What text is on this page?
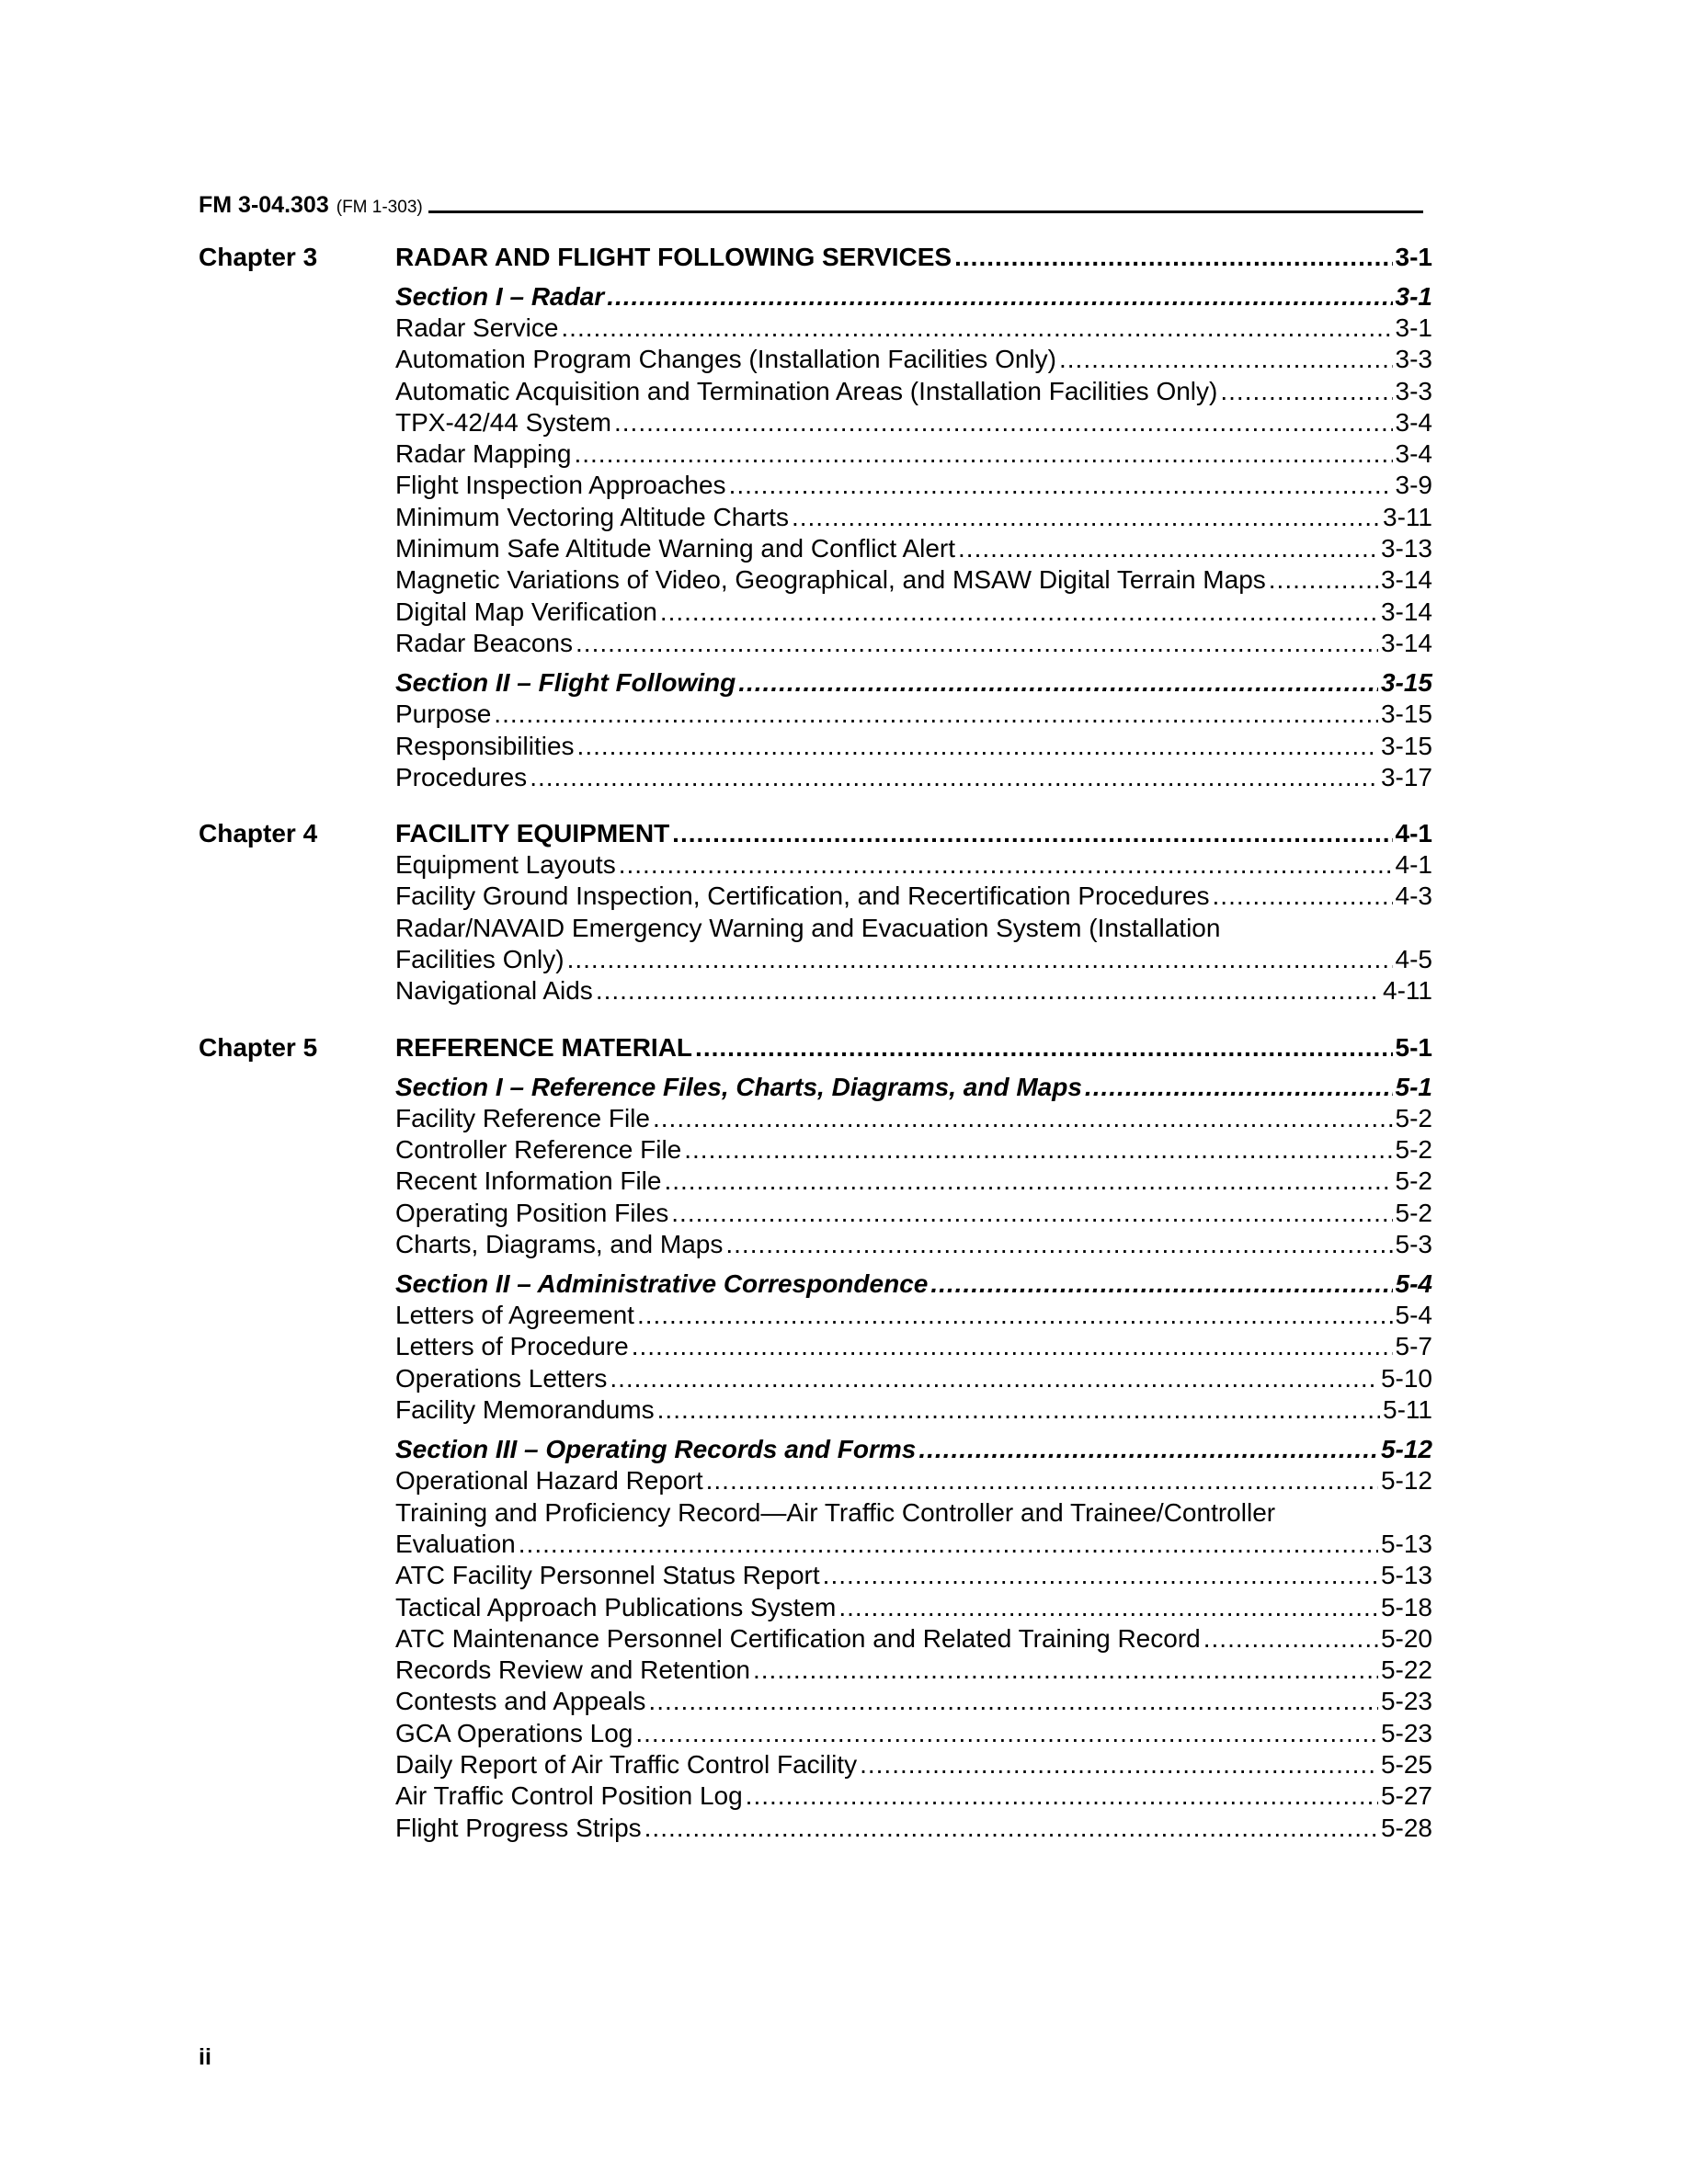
FM 3-04.303 (FM 1-303)
Chapter 3	RADAR AND FLIGHT FOLLOWING SERVICES .....	3-1
Section I – Radar .....	3-1
Radar Service .....	3-1
Automation Program Changes (Installation Facilities Only) .....	3-3
Automatic Acquisition and Termination Areas (Installation Facilities Only) .....	3-3
TPX-42/44 System .....	3-4
Radar Mapping .....	3-4
Flight Inspection Approaches .....	3-9
Minimum Vectoring Altitude Charts .....	3-11
Minimum Safe Altitude Warning and Conflict Alert .....	3-13
Magnetic Variations of Video, Geographical, and MSAW Digital Terrain Maps .....	3-14
Digital Map Verification .....	3-14
Radar Beacons .....	3-14
Section II – Flight Following .....	3-15
Purpose .....	3-15
Responsibilities .....	3-15
Procedures .....	3-17
Chapter 4	FACILITY EQUIPMENT .....	4-1
Equipment Layouts .....	4-1
Facility Ground Inspection, Certification, and Recertification Procedures .....	4-3
Radar/NAVAID Emergency Warning and Evacuation System (Installation
Facilities Only) .....	4-5
Navigational Aids .....	4-11
Chapter 5	REFERENCE MATERIAL .....	5-1
Section I – Reference Files, Charts, Diagrams, and Maps .....	5-1
Facility Reference File .....	5-2
Controller Reference File .....	5-2
Recent Information File .....	5-2
Operating Position Files .....	5-2
Charts, Diagrams, and Maps .....	5-3
Section II – Administrative Correspondence .....	5-4
Letters of Agreement .....	5-4
Letters of Procedure .....	5-7
Operations Letters .....	5-10
Facility Memorandums .....	5-11
Section III – Operating Records and Forms .....	5-12
Operational Hazard Report .....	5-12
Training and Proficiency Record—Air Traffic Controller and Trainee/Controller
Evaluation .....	5-13
ATC Facility Personnel Status Report .....	5-13
Tactical Approach Publications System .....	5-18
ATC Maintenance Personnel Certification and Related Training Record .....	5-20
Records Review and Retention .....	5-22
Contests and Appeals .....	5-23
GCA Operations Log .....	5-23
Daily Report of Air Traffic Control Facility .....	5-25
Air Traffic Control Position Log .....	5-27
Flight Progress Strips .....	5-28
ii
